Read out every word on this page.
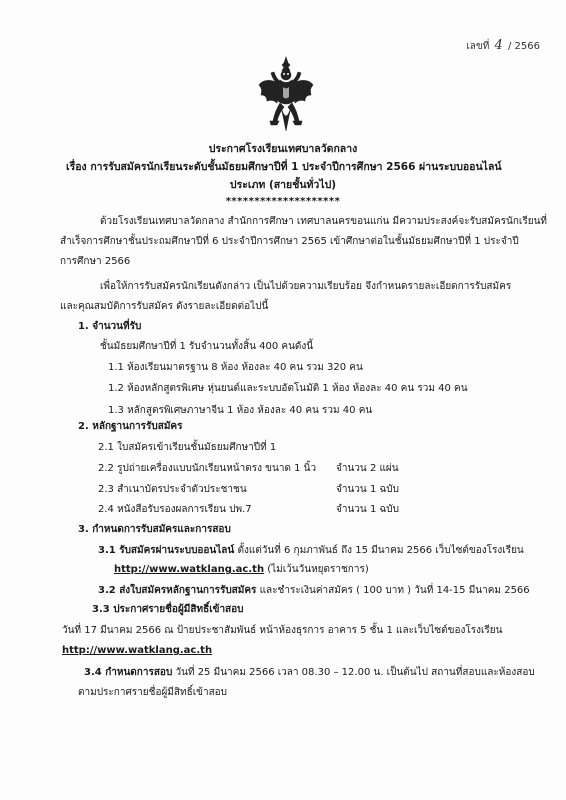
เลขที่ 4 / 2566
ประกาศโรงเรียนเทศบาลวัดกลาง
เรื่อง การรับสมัครนักเรียนระดับชั้นมัธยมศึกษาปีที่ 1 ประจำปีการศึกษา 2566 ผ่านระบบออนไลน์
ประเภท (สายชั้นทั่วไป)
********************
ด้วยโรงเรียนเทศบาลวัดกลาง สำนักการศึกษา เทศบาลนครขอนแก่น มีความประสงค์จะรับสมัครนักเรียนที่
สำเร็จการศึกษาชั้นประถมศึกษาปีที่ 6 ประจำปีการศึกษา 2565 เข้าศึกษาต่อในชั้นมัธยมศึกษาปีที่ 1 ประจำปี
การศึกษา 2566
เพื่อให้การรับสมัครนักเรียนดังกล่าว เป็นไปด้วยความเรียบร้อย จึงกำหนดรายละเอียดการรับสมัคร
และคุณสมบัติการรับสมัคร ดังรายละเอียดต่อไปนี้
1. จำนวนที่รับ
ชั้นมัธยมศึกษาปีที่ 1 รับจำนวนทั้งสิ้น 400 คนดังนี้
1.1 ห้องเรียนมาตรฐาน 8 ห้อง ห้องละ 40 คน รวม 320 คน
1.2 ห้องหลักสูตรพิเศษ หุ่นยนต์และระบบอัตโนมัติ 1 ห้อง ห้องละ 40 คน รวม 40 คน
1.3 หลักสูตรพิเศษภาษาจีน 1 ห้อง ห้องละ 40 คน รวม 40 คน
2. หลักฐานการรับสมัคร
2.1 ใบสมัครเข้าเรียนชั้นมัธยมศึกษาปีที่ 1
2.2 รูปถ่ายเครื่องแบบนักเรียนหน้าตรง ขนาด 1 นิ้ว จำนวน 2 แผ่น
2.3 สำเนาบัตรประจำตัวประชาชน	จำนวน 1 ฉบับ
2.4 หนังสือรับรองผลการเรียน ปพ.7	จำนวน 1 ฉบับ
3. กำหนดการรับสมัครและการสอบ
3.1 รับสมัครผ่านระบบออนไลน์ ตั้งแต่วันที่ 6 กุมภาพันธ์ ถึง 15 มีนาคม 2566 เว็บไซต์ของโรงเรียน
http://www.watklang.ac.th (ไม่เว้นวันหยุดราชการ)
3.2 ส่งใบสมัครหลักฐานการรับสมัคร และชำระเงินค่าสมัคร ( 100 บาท ) วันที่ 14-15 มีนาคม 2566
3.3 ประกาศรายชื่อผู้มีสิทธิ์เข้าสอบ
วันที่ 17 มีนาคม 2566 ณ ป้ายประชาสัมพันธ์ หน้าห้องธุรการ อาคาร 5 ชั้น 1 และเว็บไซต์ของโรงเรียน
http://www.watklang.ac.th
3.4 กำหนดการสอบ วันที่ 25 มีนาคม 2566 เวลา 08.30 – 12.00 น. เป็นต้นไป สถานที่สอบและห้องสอบ
ตามประกาศรายชื่อผู้มีสิทธิ์เข้าสอบ
